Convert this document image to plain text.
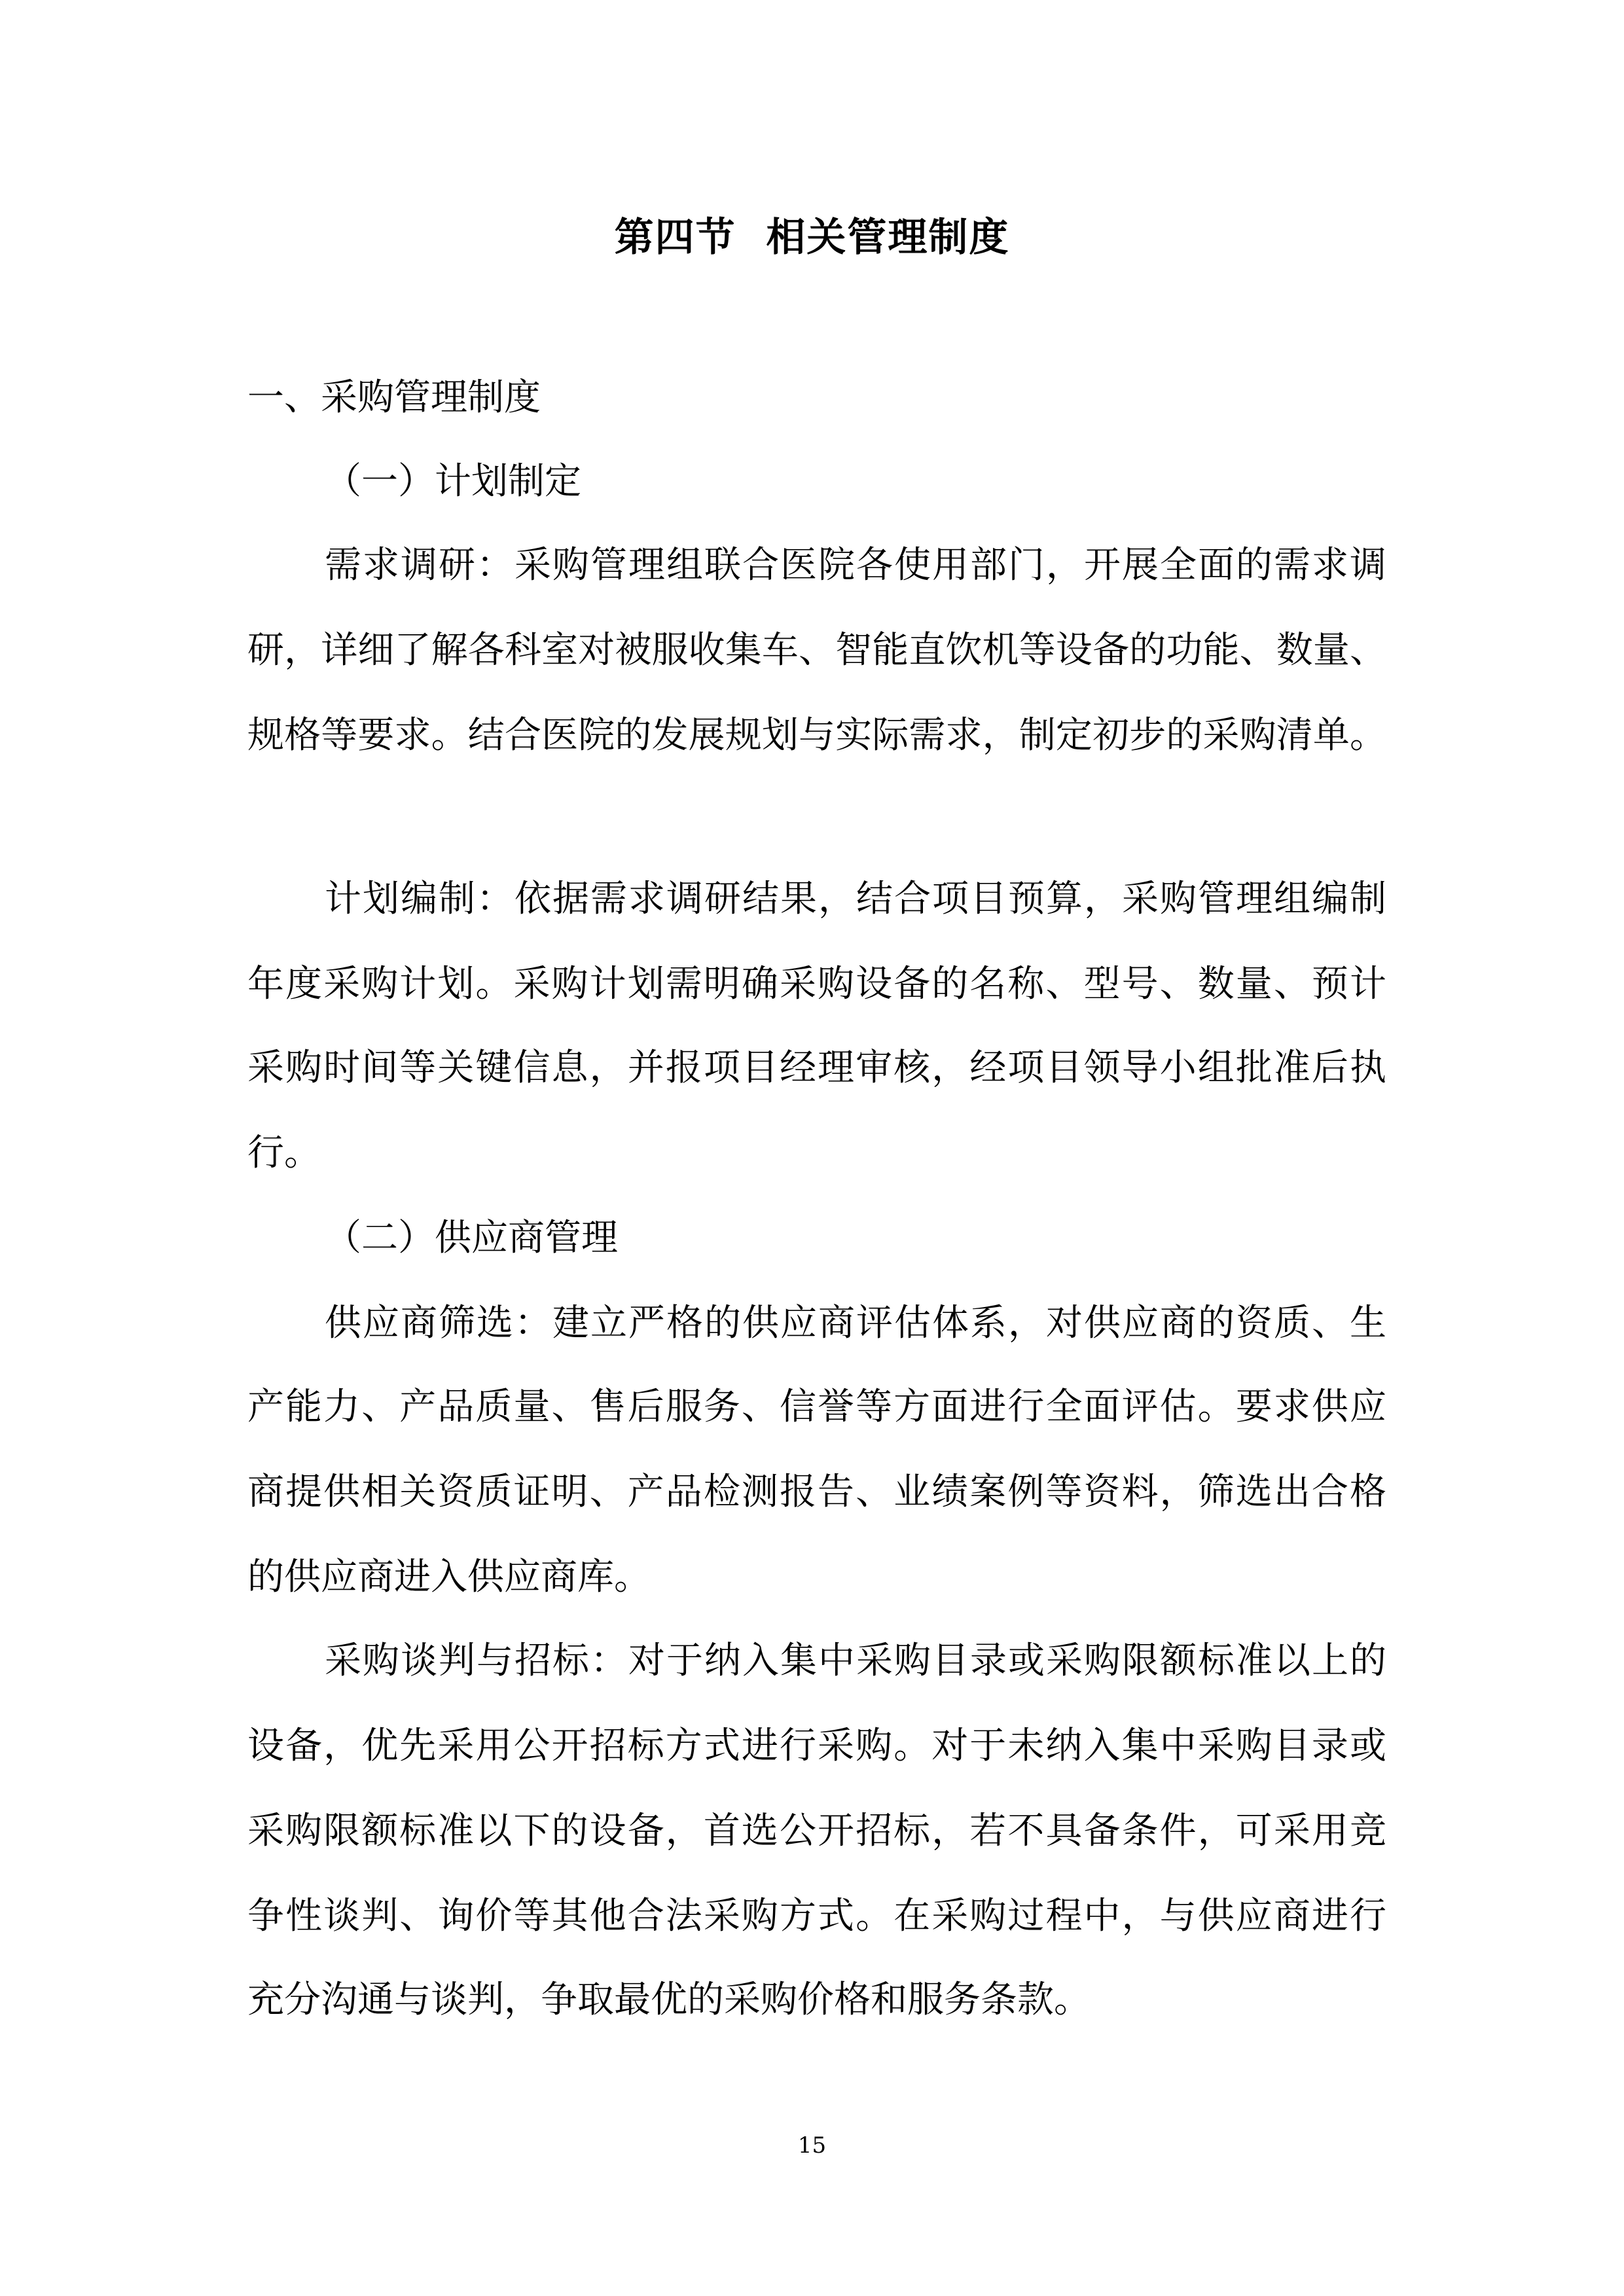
第四节  相关管理制度
一、采购管理制度
（一）计划制定
需求调研：采购管理组联合医院各使用部门，开展全面的需求调
研，详细了解各科室对被服收集车、智能直饮机等设备的功能、数量、
规格等要求。结合医院的发展规划与实际需求，制定初步的采购清单。
计划编制：依据需求调研结果，结合项目预算，采购管理组编制
年度采购计划。采购计划需明确采购设备的名称、型号、数量、预计
采购时间等关键信息，并报项目经理审核，经项目领导小组批准后执
行。
（二）供应商管理
供应商筛选：建立严格的供应商评估体系，对供应商的资质、生
产能力、产品质量、售后服务、信誉等方面进行全面评估。要求供应
商提供相关资质证明、产品检测报告、业绩案例等资料，筛选出合格
的供应商进入供应商库。
采购谈判与招标：对于纳入集中采购目录或采购限额标准以上的
设备，优先采用公开招标方式进行采购。对于未纳入集中采购目录或
采购限额标准以下的设备，首选公开招标，若不具备条件，可采用竞
争性谈判、询价等其他合法采购方式。在采购过程中，与供应商进行
充分沟通与谈判，争取最优的采购价格和服务条款。
15
